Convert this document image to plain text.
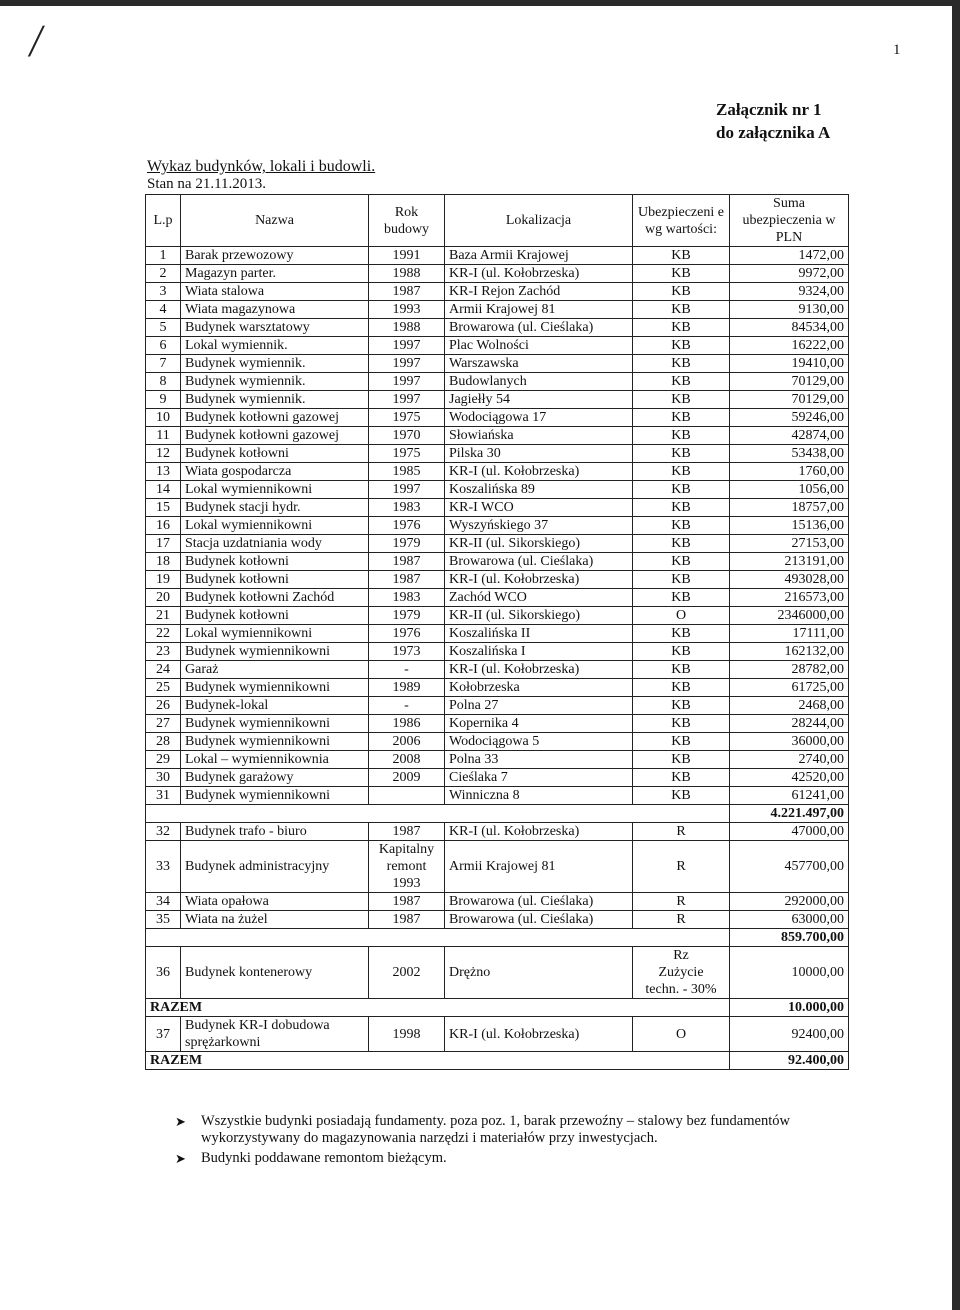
/	1
Załącznik nr 1
do załącznika A
Wykaz budynków, lokali i budowli.
Stan na 21.11.2013.
L.p	Nazwa	Rok budowy	Lokalizacja	Ubezpieczeni e wg wartości:	Suma ubezpieczenia w PLN
1	Barak przewozowy	1991	Baza Armii Krajowej	KB	1472,00
2	Magazyn parter.	1988	KR-I (ul. Kołobrzeska)	KB	9972,00
3	Wiata stalowa	1987	KR-I Rejon Zachód	KB	9324,00
4	Wiata magazynowa	1993	Armii Krajowej 81	KB	9130,00
5	Budynek warsztatowy	1988	Browarowa (ul. Cieślaka)	KB	84534,00
6	Lokal wymiennik.	1997	Plac Wolności	KB	16222,00
7	Budynek wymiennik.	1997	Warszawska	KB	19410,00
8	Budynek wymiennik.	1997	Budowlanych	KB	70129,00
9	Budynek wymiennik.	1997	Jagiełły 54	KB	70129,00
10	Budynek kotłowni gazowej	1975	Wodociągowa 17	KB	59246,00
11	Budynek kotłowni gazowej	1970	Słowiańska	KB	42874,00
12	Budynek kotłowni	1975	Pilska 30	KB	53438,00
13	Wiata gospodarcza	1985	KR-I (ul. Kołobrzeska)	KB	1760,00
14	Lokal wymiennikowni	1997	Koszalińska 89	KB	1056,00
15	Budynek stacji hydr.	1983	KR-I WCO	KB	18757,00
16	Lokal wymiennikowni	1976	Wyszyńskiego 37	KB	15136,00
17	Stacja uzdatniania wody	1979	KR-II (ul. Sikorskiego)	KB	27153,00
18	Budynek kotłowni	1987	Browarowa (ul. Cieślaka)	KB	213191,00
19	Budynek kotłowni	1987	KR-I (ul. Kołobrzeska)	KB	493028,00
20	Budynek kotłowni Zachód	1983	Zachód WCO	KB	216573,00
21	Budynek kotłowni	1979	KR-II (ul. Sikorskiego)	O	2346000,00
22	Lokal wymiennikowni	1976	Koszalińska II	KB	17111,00
23	Budynek wymiennikowni	1973	Koszalińska I	KB	162132,00
24	Garaż	-	KR-I (ul. Kołobrzeska)	KB	28782,00
25	Budynek wymiennikowni	1989	Kołobrzeska	KB	61725,00
26	Budynek-lokal	-	Polna 27	KB	2468,00
27	Budynek wymiennikowni	1986	Kopernika 4	KB	28244,00
28	Budynek wymiennikowni	2006	Wodociągowa 5	KB	36000,00
29	Lokal – wymiennikownia	2008	Polna 33	KB	2740,00
30	Budynek garażowy	2009	Cieślaka 7	KB	42520,00
31	Budynek wymiennikowni		Winniczna 8	KB	61241,00
					4.221.497,00
32	Budynek trafo - biuro	1987	KR-I (ul. Kołobrzeska)	R	47000,00
33	Budynek administracyjny	Kapitalny
remont
1993	Armii Krajowej 81	R	457700,00
34	Wiata opałowa	1987	Browarowa (ul. Cieślaka)	R	292000,00
35	Wiata na żużel	1987	Browarowa (ul. Cieślaka)	R	63000,00
					859.700,00
36	Budynek kontenerowy	2002	Drężno	Rz
Zużycie
techn. - 30%	10000,00
RAZEM					10.000,00
37	Budynek KR-I dobudowa
sprężarkowni	1998	KR-I (ul. Kołobrzeska)	O	92400,00
RAZEM					92.400,00
➤ Wszystkie budynki posiadają fundamenty. poza poz. 1, barak przewoźny – stalowy bez fundamentów wykorzystywany do magazynowania narzędzi i materiałów przy inwestycjach.
➤ Budynki poddawane remontom bieżącym.
